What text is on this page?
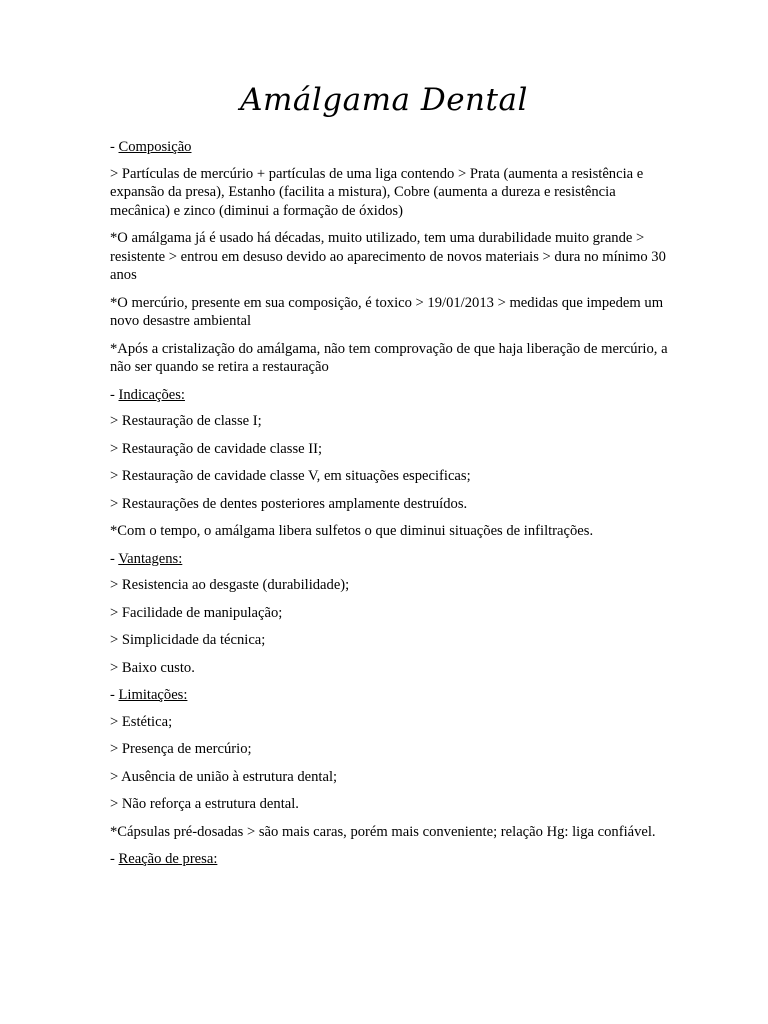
Amálgama Dental

- Composição

> Partículas de mercúrio + partículas de uma liga contendo > Prata (aumenta a resistência e expansão da presa), Estanho (facilita a mistura), Cobre (aumenta a dureza e resistência mecânica) e zinco (diminui a formação de óxidos)

*O amálgama já é usado há décadas, muito utilizado, tem uma durabilidade muito grande > resistente > entrou em desuso devido ao aparecimento de novos materiais > dura no mínimo 30 anos

*O mercúrio, presente em sua composição, é toxico > 19/01/2013 > medidas que impedem um novo desastre ambiental

*Após a cristalização do amálgama, não tem comprovação de que haja liberação de mercúrio, a não ser quando se retira a restauração

- Indicações:

> Restauração de classe I;

> Restauração de cavidade classe II;

> Restauração de cavidade classe V, em situações especificas;

> Restaurações de dentes posteriores amplamente destruídos.

*Com o tempo, o amálgama libera sulfetos o que diminui situações de infiltrações.

- Vantagens:

> Resistencia ao desgaste (durabilidade);

> Facilidade de manipulação;

> Simplicidade da técnica;

> Baixo custo.

- Limitações:

> Estética;

> Presença de mercúrio;

> Ausência de união à estrutura dental;

> Não reforça a estrutura dental.

*Cápsulas pré-dosadas > são mais caras, porém mais conveniente; relação Hg: liga confiável.

- Reação de presa:
